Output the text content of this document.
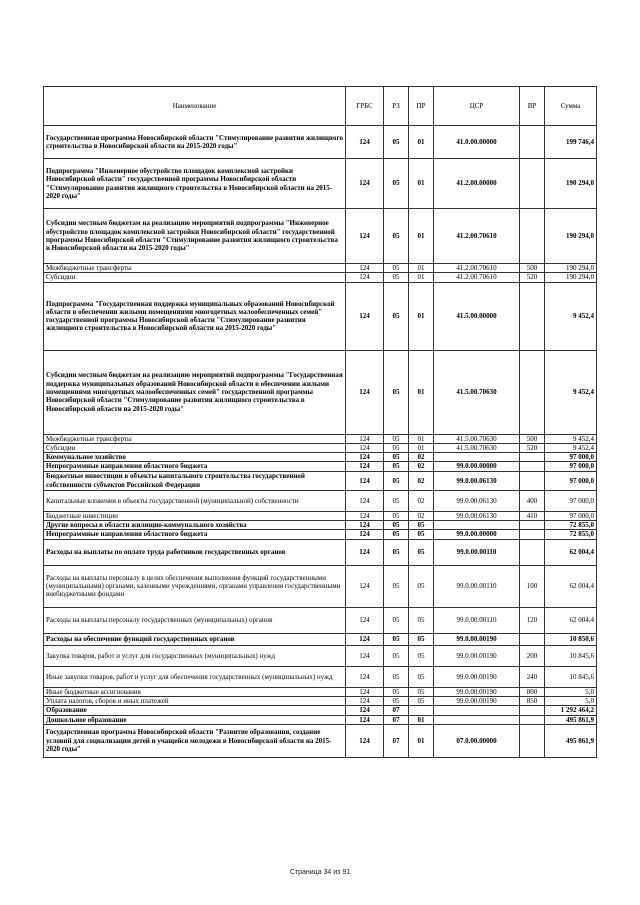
Наименование	ГРБС	РЗ	ПР	ЦСР	ВР	Сумма
Государственная программа Новосибирской области "Стимулирование развития жилищного строительства в Новосибирской области на 2015-2020 годы"	124	05	01	41.0.00.00000		199 746,4
Подпрограмма "Инженерное обустройство площадок комплексной застройки Новосибирской области" государственной программы Новосибирской области "Стимулирование развития жилищного строительства в Новосибирской области на 2015-2020 годы"	124	05	01	41.2.00.00000		190 294,0
Субсидии местным бюджетам на реализацию мероприятий подпрограммы "Инженерное обустройство площадок комплексной застройки Новосибирской области" государственной программы Новосибирской области "Стимулирование развития жилищного строительства в Новосибирской области на 2015-2020 годы"	124	05	01	41.2.00.70610		190 294,0
Межбюджетные трансферты	124	05	01	41.2.00.70610	500	190 294,0
Субсидии	124	05	01	41.2.00.70610	520	190 294,0
Подпрограмма "Государственная поддержка муниципальных образований Новосибирской области в обеспечении жилыми помещениями многодетных малообеспеченных семей" государственной программы Новосибирской области "Стимулирование развития жилищного строительства в Новосибирской области на 2015-2020 годы"	124	05	01	41.5.00.00000		9 452,4
Субсидии местным бюджетам на реализацию мероприятий подпрограммы "Государственная поддержка муниципальных образований Новосибирской области в обеспечении жилыми помещениями многодетных малообеспеченных семей" государственной программы Новосибирской области "Стимулирование развития жилищного строительства в Новосибирской области на 2015-2020 годы"	124	05	01	41.5.00.70630		9 452,4
Межбюджетные трансферты	124	05	01	41.5.00.70630	500	9 452,4
Субсидии	124	05	01	41.5.00.70630	520	9 452,4
Коммунальное хозяйство	124	05	02			97 000,0
Непрограммные направления областного бюджета	124	05	02	99.0.00.00000		97 000,0
Бюджетные инвестиции в объекты капитального строительства государственной собственности субъектов Российской Федерации	124	05	02	99.0.00.06130		97 000,0
Капитальные вложения в объекты государственной (муниципальной) собственности	124	05	02	99.0.00.06130	400	97 000,0
Бюджетные инвестиции	124	05	02	99.0.00.06130	410	97 000,0
Другие вопросы в области жилищно-коммунального хозяйства	124	05	05			72 855,0
Непрограммные направления областного бюджета	124	05	05	99.0.00.00000		72 855,0
Расходы на выплаты по оплате труда работников государственных органов	124	05	05	99.0.00.00110		62 004,4
Расходы на выплаты персоналу в целях обеспечения выполнения функций государственными (муниципальными) органами, казенными учреждениями, органами управления государственными внебюджетными фондами	124	05	05	99.0.00.00110	100	62 004,4
Расходы на выплаты персоналу государственных (муниципальных) органов	124	05	05	99.0.00.00110	120	62 004,4
Расходы на обеспечение функций государственных органов	124	05	05	99.0.00.00190		10 850,6
Закупка товаров, работ и услуг для государственных (муниципальных) нужд	124	05	05	99.0.00.00190	200	10 845,6
Иные закупки товаров, работ и услуг для обеспечения государственных (муниципальных) нужд	124	05	05	99.0.00.00190	240	10 845,6
Иные бюджетные ассигнования	124	05	05	99.0.00.00190	800	5,0
Уплата налогов, сборов и иных платежей	124	05	05	99.0.00.00190	850	5,0
Образование	124	07				1 292 464,2
Дошкольное образование	124	07	01			495 861,9
Государственная программа Новосибирской области "Развитие образования, создание условий для социализации детей и учащейся молодежи в Новосибирской области на 2015-2020 годы"	124	07	01	07.0.00.00000		495 861,9
Страница 34 из 91
